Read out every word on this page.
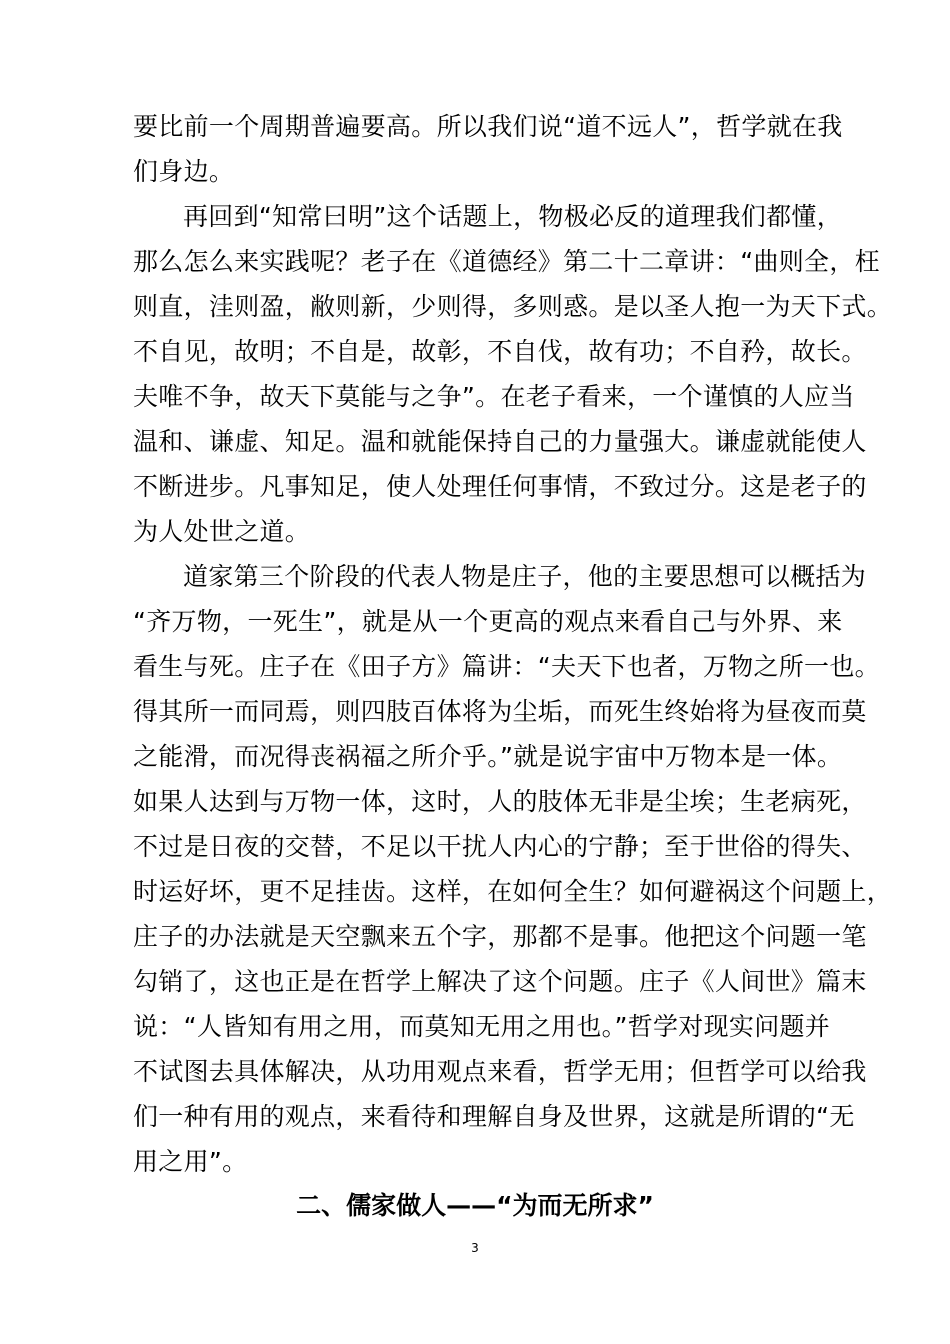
要比前一个周期普遍要高。所以我们说“道不远人”，哲学就在我
们身边。
再回到“知常曰明”这个话题上，物极必反的道理我们都懂，
那么怎么来实践呢？老子在《道德经》第二十二章讲：“曲则全，枉
则直，洼则盈，敝则新，少则得，多则惑。是以圣人抱一为天下式。
不自见，故明；不自是，故彰，不自伐，故有功；不自矜，故长。
夫唯不争，故天下莫能与之争”。在老子看来，一个谨慎的人应当
温和、谦虚、知足。温和就能保持自己的力量强大。谦虚就能使人
不断进步。凡事知足，使人处理任何事情，不致过分。这是老子的
为人处世之道。
道家第三个阶段的代表人物是庄子，他的主要思想可以概括为
“齐万物，一死生”，就是从一个更高的观点来看自己与外界、来
看生与死。庄子在《田子方》篇讲：“夫天下也者，万物之所一也。
得其所一而同焉，则四肢百体将为尘垢，而死生终始将为昼夜而莫
之能滑，而况得丧祸福之所介乎。”就是说宇宙中万物本是一体。
如果人达到与万物一体，这时，人的肢体无非是尘埃；生老病死，
不过是日夜的交替，不足以干扰人内心的宁静；至于世俗的得失、
时运好坏，更不足挂齿。这样，在如何全生？如何避祸这个问题上，
庄子的办法就是天空飘来五个字，那都不是事。他把这个问题一笔
勾销了，这也正是在哲学上解决了这个问题。庄子《人间世》篇末
说：“人皆知有用之用，而莫知无用之用也。”哲学对现实问题并
不试图去具体解决，从功用观点来看，哲学无用；但哲学可以给我
们一种有用的观点，来看待和理解自身及世界，这就是所谓的“无
用之用”。
二、儒家做人——“为而无所求”
3
